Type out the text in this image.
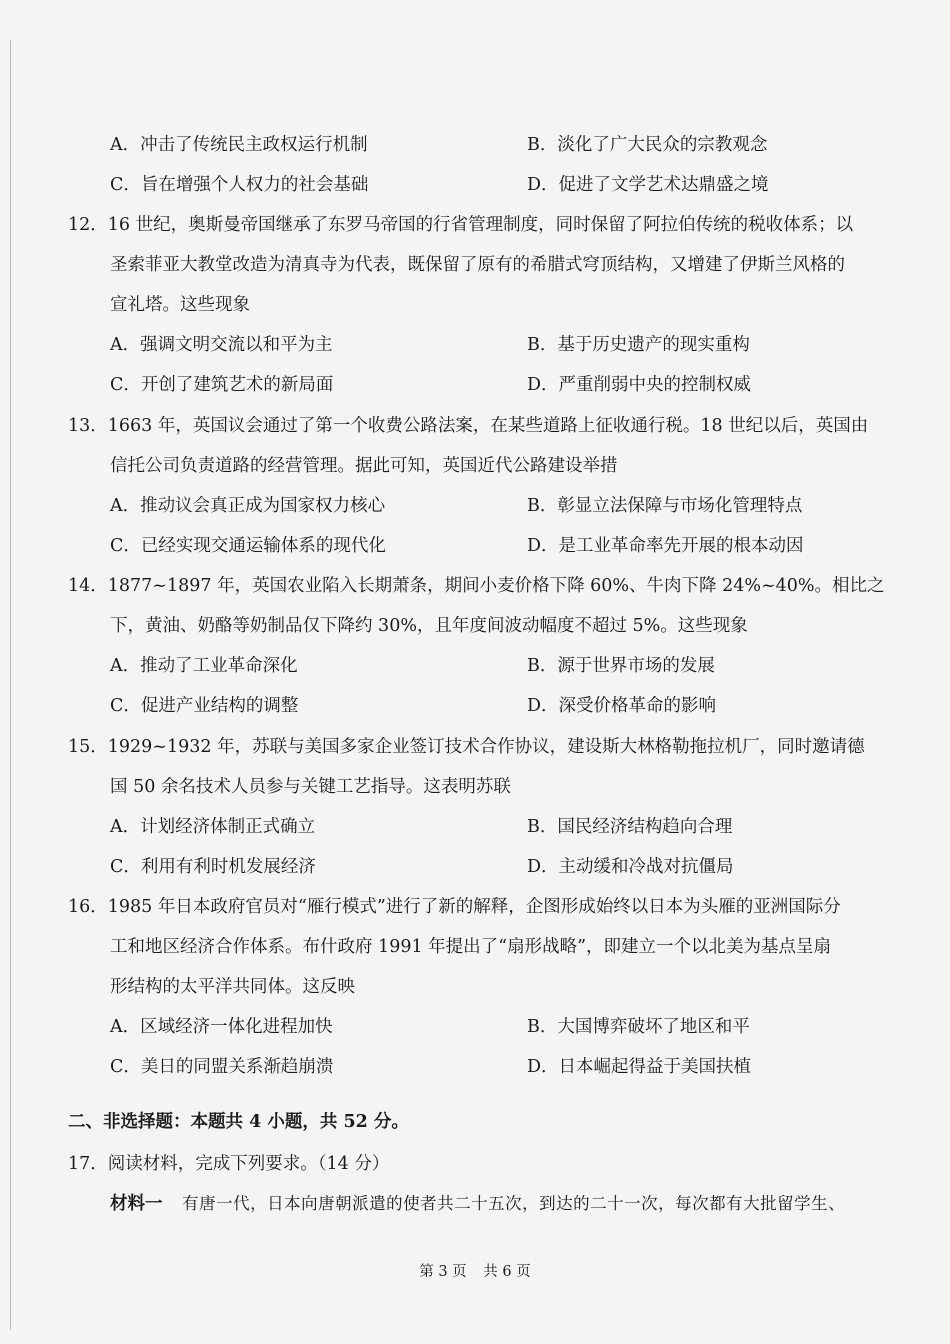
A．冲击了传统民主政权运行机制	B．淡化了广大民众的宗教观念
C．旨在增强个人权力的社会基础	D．促进了文学艺术达鼎盛之境
12．16 世纪，奥斯曼帝国继承了东罗马帝国的行省管理制度，同时保留了阿拉伯传统的税收体系；以
圣索菲亚大教堂改造为清真寺为代表，既保留了原有的希腊式穹顶结构，又增建了伊斯兰风格的
宣礼塔。这些现象
A．强调文明交流以和平为主	B．基于历史遗产的现实重构
C．开创了建筑艺术的新局面	D．严重削弱中央的控制权威
13．1663 年，英国议会通过了第一个收费公路法案，在某些道路上征收通行税。18 世纪以后，英国由
信托公司负责道路的经营管理。据此可知，英国近代公路建设举措
A．推动议会真正成为国家权力核心	B．彰显立法保障与市场化管理特点
C．已经实现交通运输体系的现代化	D．是工业革命率先开展的根本动因
14．1877~1897 年，英国农业陷入长期萧条，期间小麦价格下降 60%、牛肉下降 24%~40%。相比之
下，黄油、奶酪等奶制品仅下降约 30%，且年度间波动幅度不超过 5%。这些现象
A．推动了工业革命深化	B．源于世界市场的发展
C．促进产业结构的调整	D．深受价格革命的影响
15．1929~1932 年，苏联与美国多家企业签订技术合作协议，建设斯大林格勒拖拉机厂，同时邀请德
国 50 余名技术人员参与关键工艺指导。这表明苏联
A．计划经济体制正式确立	B．国民经济结构趋向合理
C．利用有利时机发展经济	D．主动缓和冷战对抗僵局
16．1985 年日本政府官员对“雁行模式”进行了新的解释，企图形成始终以日本为头雁的亚洲国际分
工和地区经济合作体系。布什政府 1991 年提出了“扇形战略”，即建立一个以北美为基点呈扇
形结构的太平洋共同体。这反映
A．区域经济一体化进程加快	B．大国博弈破坏了地区和平
C．美日的同盟关系渐趋崩溃	D．日本崛起得益于美国扶植
二、非选择题：本题共 4 小题，共 52 分。
17．阅读材料，完成下列要求。（14 分）
材料一 有唐一代，日本向唐朝派遣的使者共二十五次，到达的二十一次，每次都有大批留学生、
第 3 页 共 6 页
